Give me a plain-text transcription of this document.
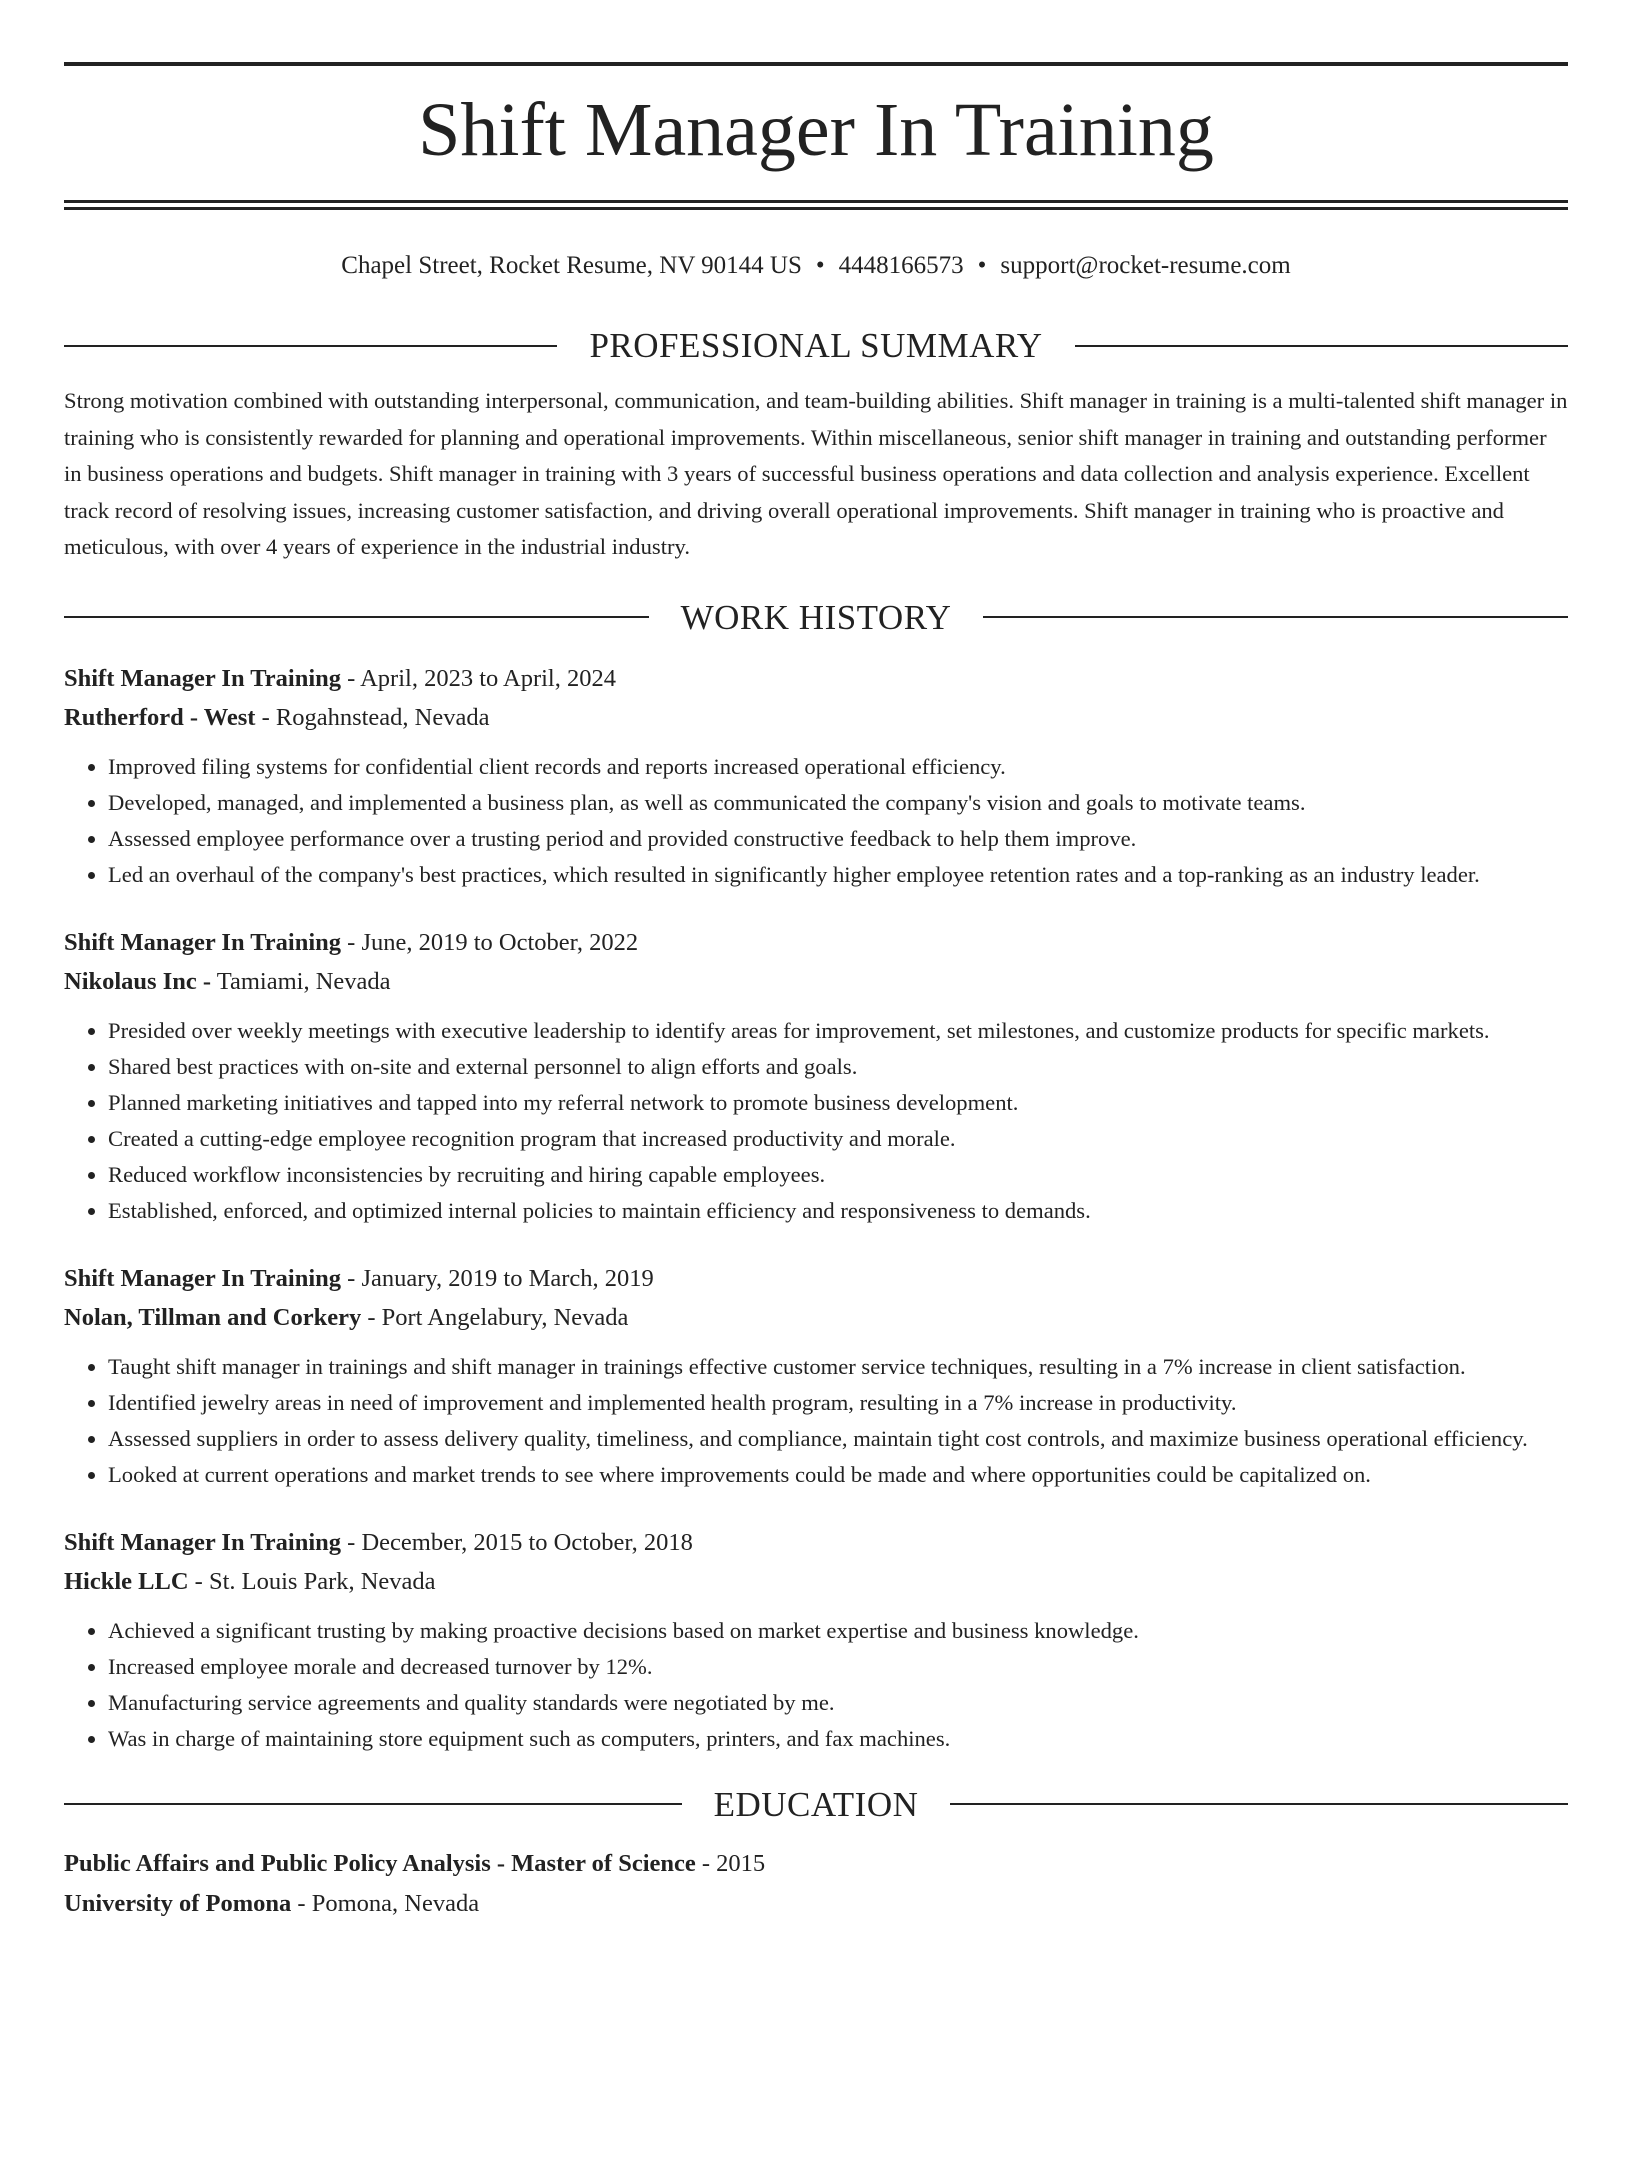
Shift Manager In Training
Chapel Street, Rocket Resume, NV 90144 US • 4448166573 • support@rocket-resume.com
PROFESSIONAL SUMMARY

Strong motivation combined with outstanding interpersonal, communication, and team-building abilities. Shift manager in training is a multi-talented shift manager in training who is consistently rewarded for planning and operational improvements. Within miscellaneous, senior shift manager in training and outstanding performer in business operations and budgets. Shift manager in training with 3 years of successful business operations and data collection and analysis experience. Excellent track record of resolving issues, increasing customer satisfaction, and driving overall operational improvements. Shift manager in training who is proactive and meticulous, with over 4 years of experience in the industrial industry.

WORK HISTORY
Shift Manager In Training - April, 2023 to April, 2024
Rutherford - West - Rogahnstead, Nevada
• Improved filing systems for confidential client records and reports increased operational efficiency.
• Developed, managed, and implemented a business plan, as well as communicated the company's vision and goals to motivate teams.
• Assessed employee performance over a trusting period and provided constructive feedback to help them improve.
• Led an overhaul of the company's best practices, which resulted in significantly higher employee retention rates and a top-ranking as an industry leader.
Shift Manager In Training - June, 2019 to October, 2022
Nikolaus Inc - Tamiami, Nevada
• Presided over weekly meetings with executive leadership to identify areas for improvement, set milestones, and customize products for specific markets.
• Shared best practices with on-site and external personnel to align efforts and goals.
• Planned marketing initiatives and tapped into my referral network to promote business development.
• Created a cutting-edge employee recognition program that increased productivity and morale.
• Reduced workflow inconsistencies by recruiting and hiring capable employees.
• Established, enforced, and optimized internal policies to maintain efficiency and responsiveness to demands.
Shift Manager In Training - January, 2019 to March, 2019
Nolan, Tillman and Corkery - Port Angelabury, Nevada
• Taught shift manager in trainings and shift manager in trainings effective customer service techniques, resulting in a 7% increase in client satisfaction.
• Identified jewelry areas in need of improvement and implemented health program, resulting in a 7% increase in productivity.
• Assessed suppliers in order to assess delivery quality, timeliness, and compliance, maintain tight cost controls, and maximize business operational efficiency.
• Looked at current operations and market trends to see where improvements could be made and where opportunities could be capitalized on.
Shift Manager In Training - December, 2015 to October, 2018
Hickle LLC - St. Louis Park, Nevada
• Achieved a significant trusting by making proactive decisions based on market expertise and business knowledge.
• Increased employee morale and decreased turnover by 12%.
• Manufacturing service agreements and quality standards were negotiated by me.
• Was in charge of maintaining store equipment such as computers, printers, and fax machines.
EDUCATION
Public Affairs and Public Policy Analysis - Master of Science - 2015
University of Pomona - Pomona, Nevada
